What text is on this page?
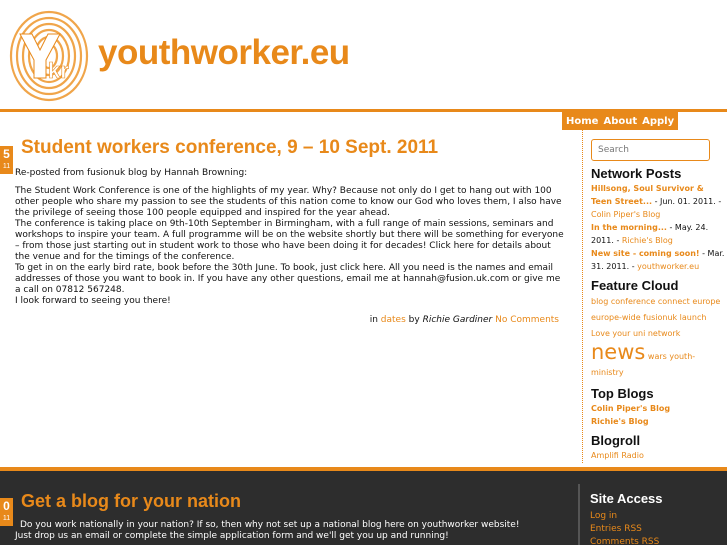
kr youthworker.eu
Home About Apply
5
11
Student workers conference, 9 – 10 Sept. 2011

Re-posted from fusionuk blog by Hannah Browning:

The Student Work Conference is one of the highlights of my year. Why? Because not only do I get to hang out with 100 other people who share my passion to see the students of this nation come to know our God who loves them, I also have the privilege of seeing those 100 people equipped and inspired for the year ahead.

The conference is taking place on 9th-10th September in Birmingham, with a full range of main sessions, seminars and workshops to inspire your team. A full programme will be on the website shortly but there will be something for everyone – from those just starting out in student work to those who have been doing it for decades! Click here for details about the venue and for the timings of the conference.

To get in on the early bird rate, book before the 30th June. To book, just click here. All you need is the names and email addresses of those you want to book in. If you have any other questions, email me at hannah@fusion.uk.com or give me a call on 07812 567248.

I look forward to seeing you there!

in dates by Richie Gardiner No Comments
Search
Network Posts
Hillsong, Soul Survivor & Teen Street... - Jun. 01. 2011. - Colin Piper's Blog
In the morning... - May. 24. 2011. - Richie's Blog
New site - coming soon! - Mar. 31. 2011. - youthworker.eu
Feature Cloud
blog conference connect europe europe-wide fusionuk launch Love your uni network news wars youth-ministry
Top Blogs
Colin Piper's Blog
Richie's Blog
Blogroll
Amplifi Radio
0
11
Get a blog for your nation
Do you work nationally in your nation? If so, then why not set up a national blog here on youthworker website!
Just drop us an email or complete the simple application form and we'll get you up and running!
Site Access
Log in
Entries RSS
Comments RSS
